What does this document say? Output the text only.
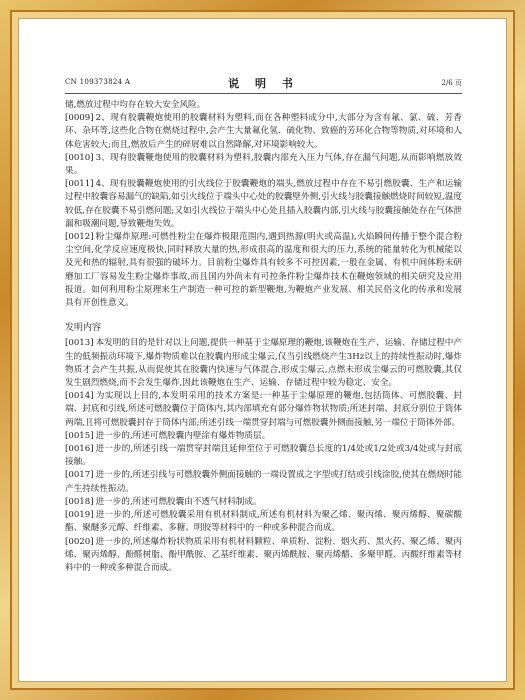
CN 109373824 A	说 明 书	2/6 页

储,燃放过程中均存在较大安全风险。

[0009] 2、现有胶囊鞭炮使用的胶囊材料为塑料,而在各种塑料成分中,大部分为含有氟、氯、硫、芳香环、杂环等,这些化合物在燃烧过程中,会产生大量氟化氢、硫化物、致癌的芳环化合物等物质,对环境和人体危害较大;而且,燃放后产生的碎屑难以自然降解,对环境影响较大。

[0010] 3、现有胶囊鞭炮使用的胶囊材料为塑料,胶囊内部充入压力气体,存在漏气问题,从而影响燃放效果。

[0011] 4、现有胶囊鞭炮使用的引火线位于胶囊鞭炮的端头,燃放过程中存在不易引燃胶囊、生产和运输过程中胶囊容易漏气的缺陷,如引火线位于端头中心处的胶囊壁外侧,引火线与胶囊接触燃烧时间较短,温度较低,存在胶囊不易引燃问题;又如引火线位于端头中心处且插入胶囊内部,引火线与胶囊接触处存在气体泄漏和吸潮问题,导致鞭炮失效。

[0012] 粉尘爆炸原理:可燃性粉尘在爆炸极限范围内,遇到热源(明火或高温),火焰瞬间传播于整个混合粉尘空间,化学反应速度极快,同时释放大量的热,形成很高的温度和很大的压力,系统的能量转化为机械能以及光和热的辐射,具有很强的破坏力。目前粉尘爆炸具有较多不可控因素,一般在金属、有机中间体粉末研磨加工厂容易发生粉尘爆炸事故,而且国内外尚未有可控条件粉尘爆炸技术在鞭炮领域的相关研究及应用报道。如何利用粉尘原理来生产制造一种可控的新型鞭炮,为鞭炮产业发展、相关民俗文化的传承和发展具有开创性意义。

发明内容

[0013] 本发明的目的是针对以上问题,提供一种基于尘爆原理的鞭炮,该鞭炮在生产、运输、存储过程中产生的低频振动环境下,爆炸物质难以在胶囊内形成尘爆云,仅当引线燃烧产生3Hz以上的持续性振动时,爆炸物质才会产生共振,从而促使其在胶囊内快速与气体混合,形成尘爆云,点燃未形成尘爆云的可燃胶囊,其仅发生剧烈燃烧,而不会发生爆炸,因此该鞭炮在生产、运输、存储过程中较为稳定、安全。

[0014] 为实现以上目的,本发明采用的技术方案是:一种基于尘爆原理的鞭炮,包括筒体、可燃胶囊、封端、封底和引线,所述可燃胶囊位于筒体内,其内部填充有部分爆炸物状物质;所述封端、封底分别位于筒体两端,且将可燃胶囊封存于筒体内部;所述引线一端贯穿封端与可燃胶囊外侧面接触,另一端位于筒体外部。

[0015] 进一步的,所述可燃胶囊内壁涂有爆炸物质层。

[0016] 进一步的,所述引线一端贯穿封端且延伸至位于可燃胶囊总长度的1/4处或1/2处或3/4处或与封底接触。

[0017] 进一步的,所述引线与可燃胶囊外侧面接触的一端设置成之字型或打结或引线涂胶,使其在燃烧时能产生持续性振动。

[0018] 进一步的,所述可燃胶囊由不透气材料制成。

[0019] 进一步的,所述可燃胶囊采用有机材料制成,所述有机材料为聚乙烯、聚丙烯、聚丙烯醇、聚碳酸酯、聚醚多元醇、纤维素、多糖、明胶等材料中的一种或多种混合而成。

[0020] 进一步的,所述爆炸粉状物质采用有机材料颗粒、单质粉、淀粉、烟火药、黑火药、聚乙烯、聚丙烯、聚丙烯醇、酚醛树脂、酚甲酰胺、乙基纤维素、聚丙烯酰胺、聚丙烯醋、多聚甲醛、丙酸纤维素等材料中的一种或多种混合而成。
